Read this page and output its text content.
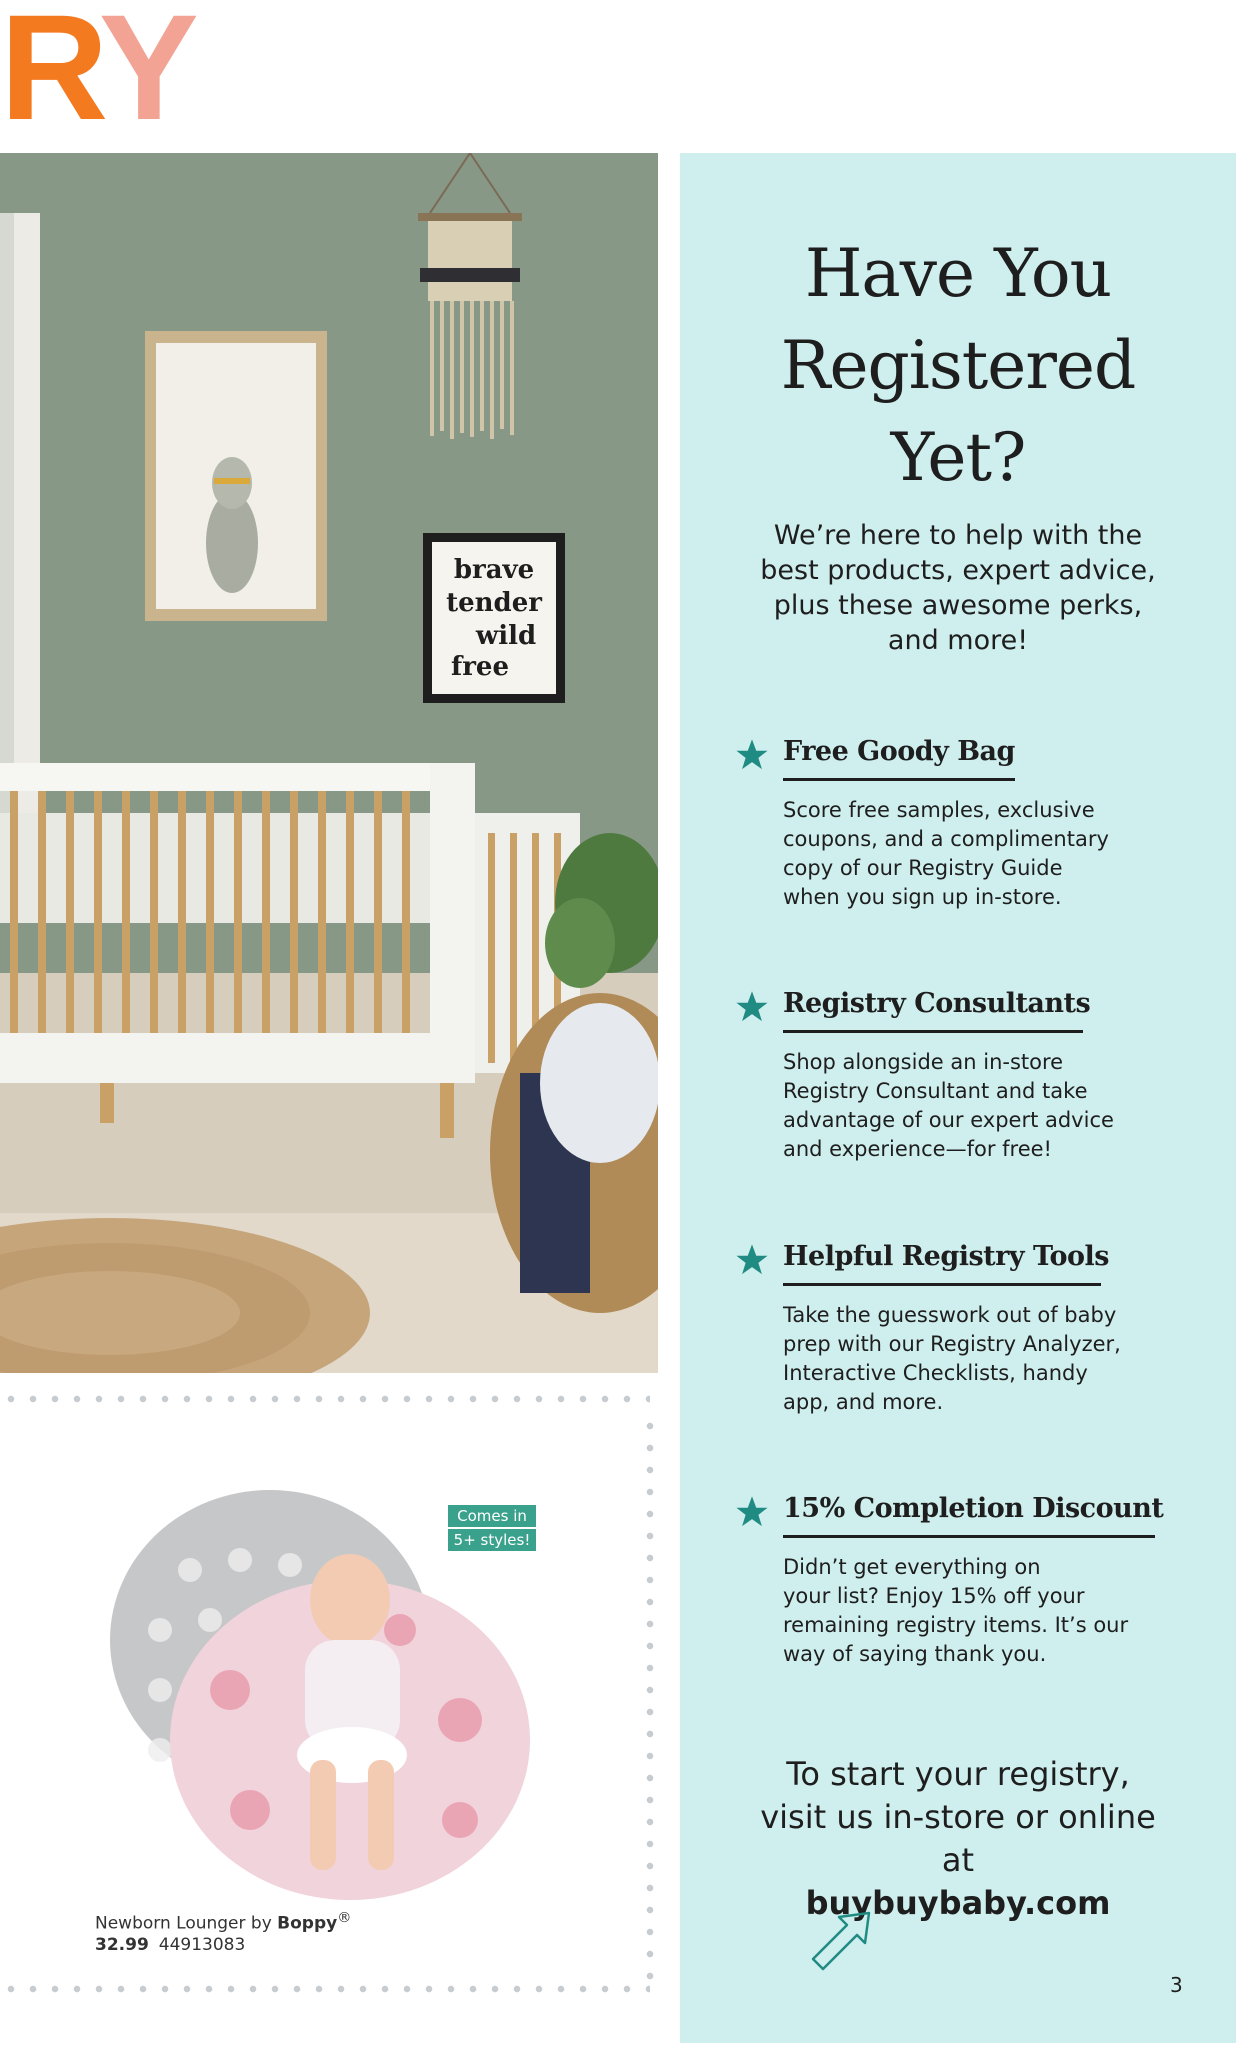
RY
brave
tender
wild
free
Comes in
5+ styles!
Newborn Lounger by Boppy®
32.99 44913083
Have You
Registered
Yet?
We’re here to help with the
best products, expert advice,
plus these awesome perks,
and more!
Free Goody Bag
Score free samples, exclusive
coupons, and a complimentary
copy of our Registry Guide
when you sign up in-store.
Registry Consultants
Shop alongside an in-store
Registry Consultant and take
advantage of our expert advice
and experience—for free!
Helpful Registry Tools
Take the guesswork out of baby
prep with our Registry Analyzer,
Interactive Checklists, handy
app, and more.
15% Completion Discount
Didn’t get everything on
your list? Enjoy 15% off your
remaining registry items. It’s our
way of saying thank you.
To start your registry,
visit us in-store or online
at
buybuybaby.com
3
